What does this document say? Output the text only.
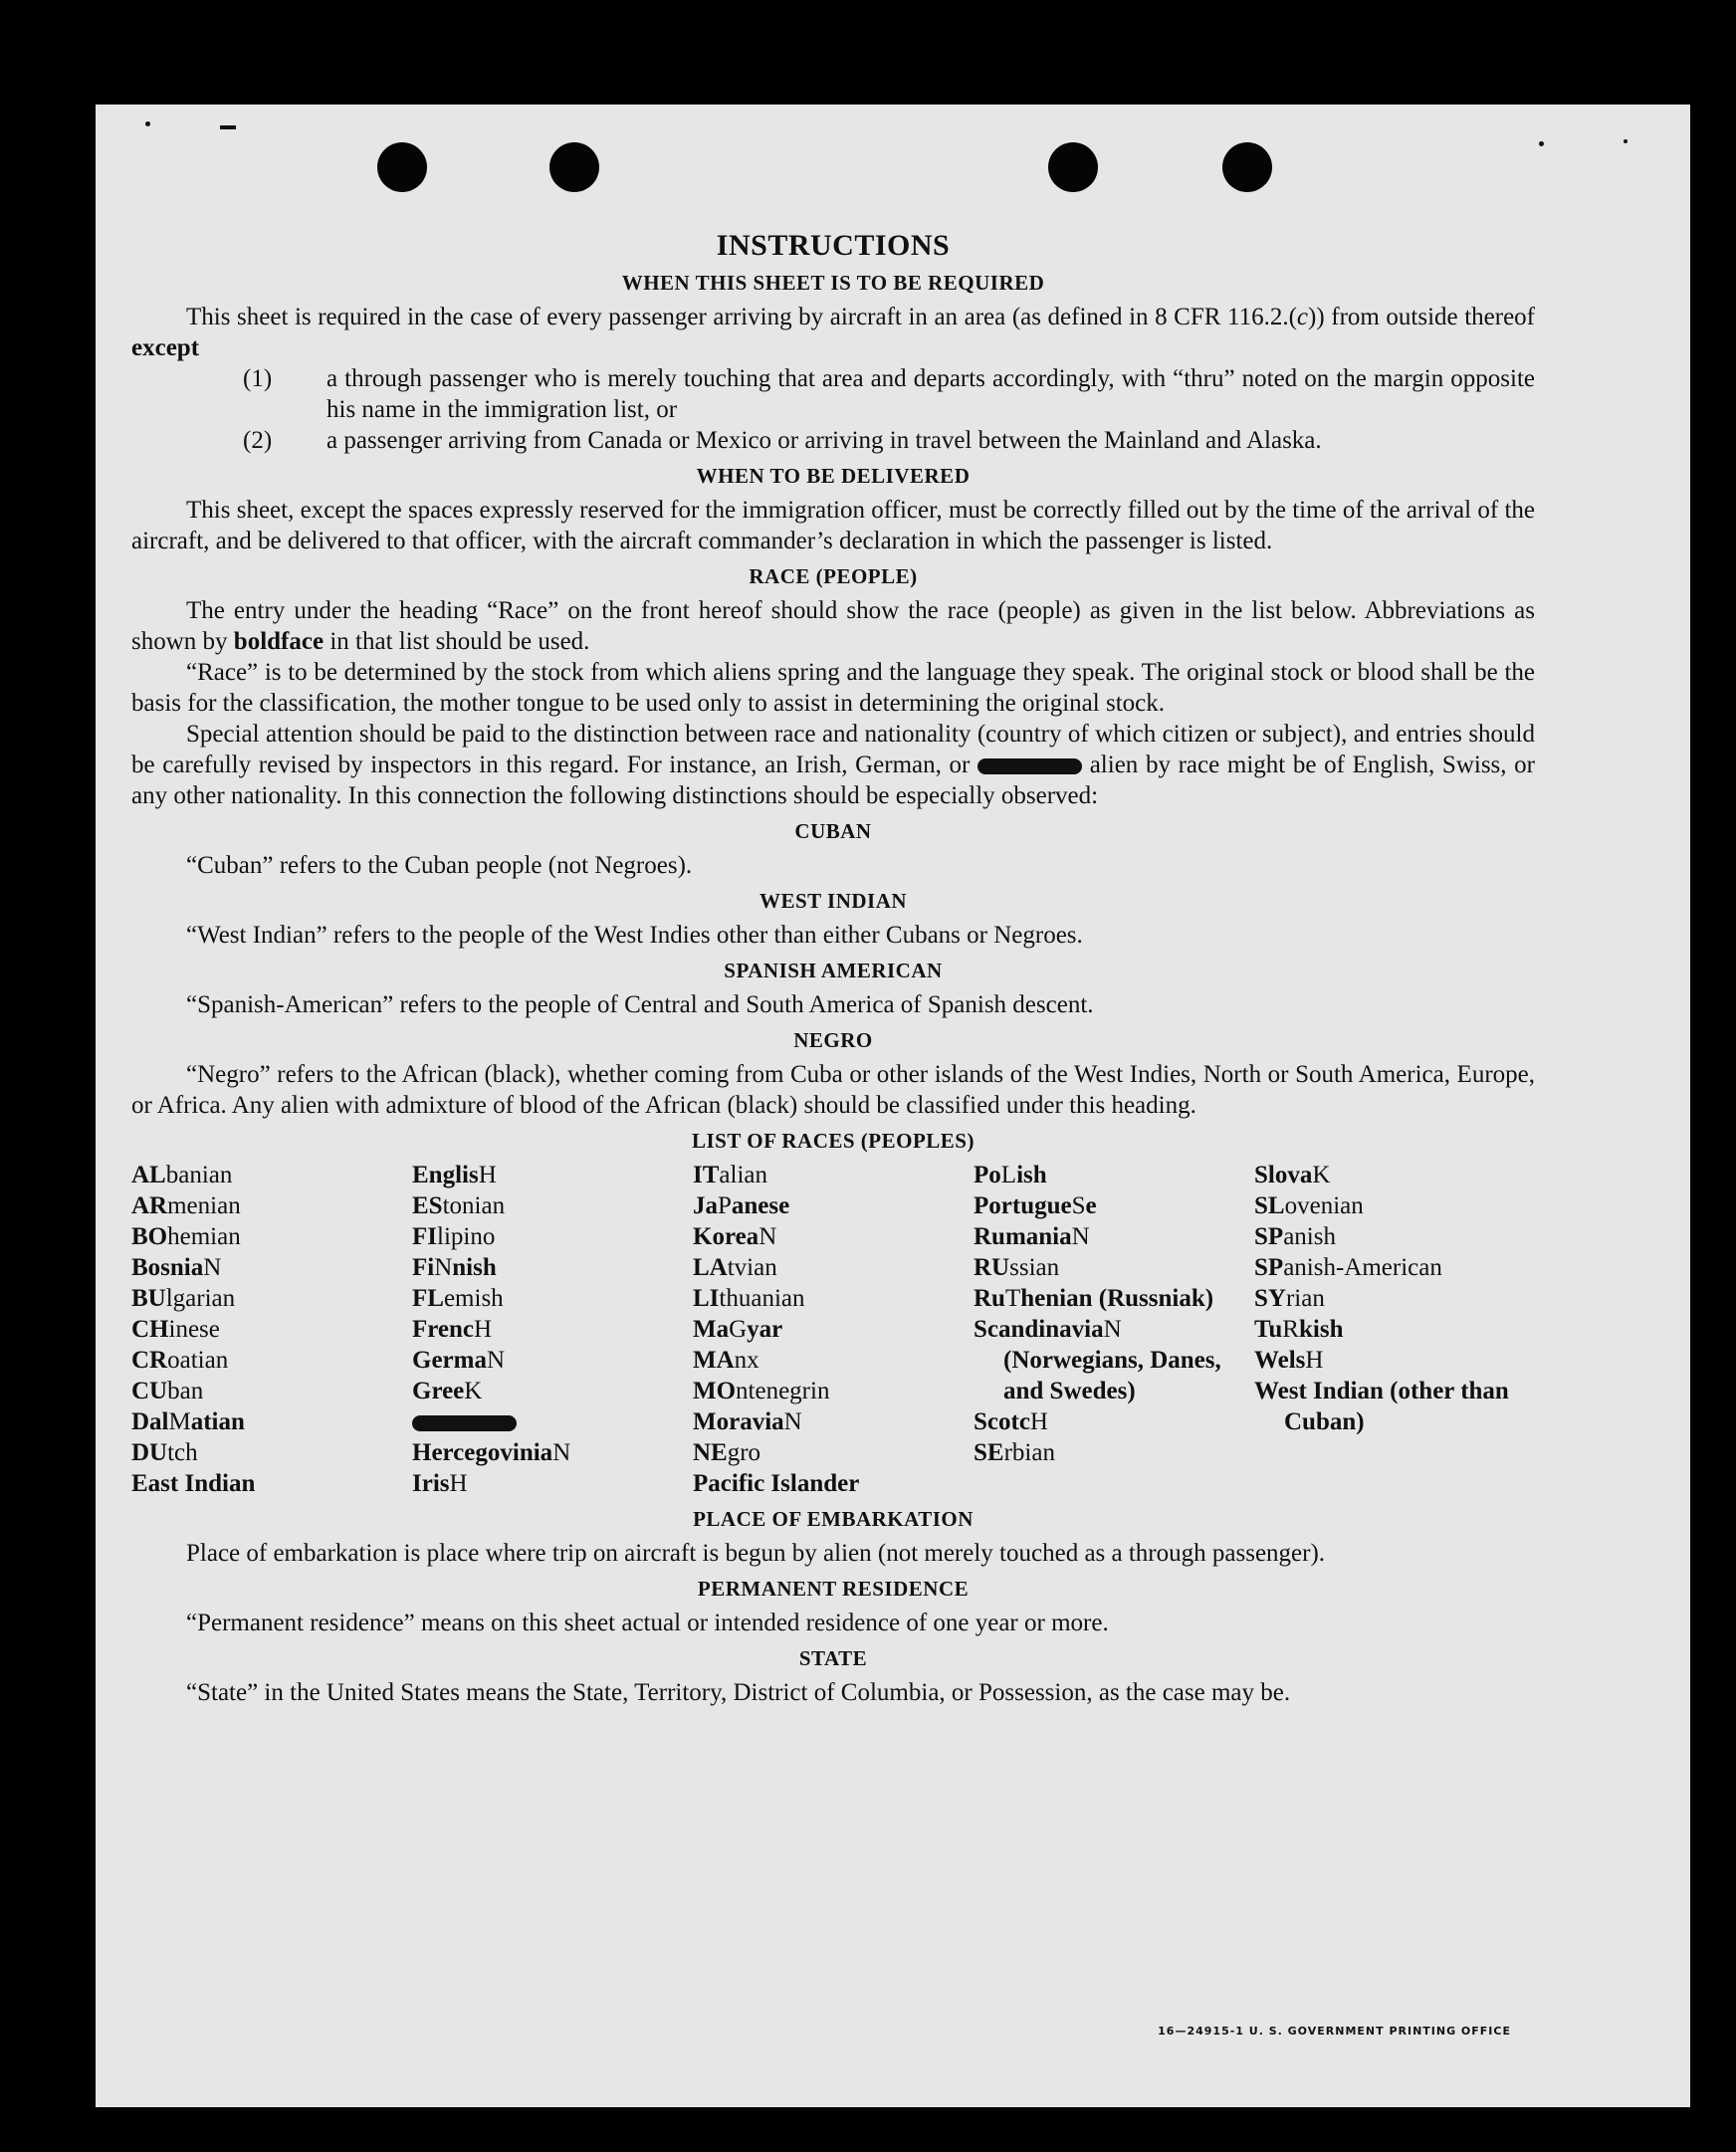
INSTRUCTIONS
WHEN THIS SHEET IS TO BE REQUIRED

This sheet is required in the case of every passenger arriving by aircraft in an area (as defined in 8 CFR 116.2.(c)) from outside thereof except

(1)	a through passenger who is merely touching that area and departs accordingly, with “thru” noted on the margin opposite his name in the immigration list, or
(2)	a passenger arriving from Canada or Mexico or arriving in travel between the Mainland and Alaska.
WHEN TO BE DELIVERED

This sheet, except the spaces expressly reserved for the immigration officer, must be correctly filled out by the time of the arrival of the aircraft, and be delivered to that officer, with the aircraft commander’s declaration in which the passenger is listed.

RACE (PEOPLE)

The entry under the heading “Race” on the front hereof should show the race (people) as given in the list below. Abbreviations as shown by boldface in that list should be used.

“Race” is to be determined by the stock from which aliens spring and the language they speak. The original stock or blood shall be the basis for the classification, the mother tongue to be used only to assist in determining the original stock.

Special attention should be paid to the distinction between race and nationality (country of which citizen or subject), and entries should be carefully revised by inspectors in this regard. For instance, an Irish, German, or	alien by race might be of English, Swiss, or any other nationality. In this connection the following distinctions should be especially observed:

CUBAN

“Cuban” refers to the Cuban people (not Negroes).

WEST INDIAN

“West Indian” refers to the people of the West Indies other than either Cubans or Negroes.

SPANISH AMERICAN

“Spanish-American” refers to the people of Central and South America of Spanish descent.

NEGRO

“Negro” refers to the African (black), whether coming from Cuba or other islands of the West Indies, North or South America, Europe, or Africa. Any alien with admixture of blood of the African (black) should be classified under this heading.

LIST OF RACES (PEOPLES)
ALbanian
ARmenian
BOhemian
BosniaN
BUlgarian
CHinese
CRoatian
CUban
DalMatian
DUtch
East Indian
EnglisH
EStonian
FIlipino
FiNnish
FLemish
FrencH
GermaN
GreeK
HercegoviniaN
IrisH
ITalian
JaPanese
KoreaN
LAtvian
LIthuanian
MaGyar
MAnx
MOntenegrin
MoraviaN
NEgro
Pacific Islander
PoLish
PortugueSe
RumaniaN
RUssian
RuThenian (Russniak)
ScandinaviaN (Norwegians, Danes, and Swedes)
ScotcH
SErbian
SlovaK
SLovenian
SPanish
SPanish-American
SYrian
TuRkish
WelsH
West Indian (other than Cuban)
PLACE OF EMBARKATION

Place of embarkation is place where trip on aircraft is begun by alien (not merely touched as a through passenger).

PERMANENT RESIDENCE

“Permanent residence” means on this sheet actual or intended residence of one year or more.

STATE

“State” in the United States means the State, Territory, District of Columbia, or Possession, as the case may be.

16—24915-1 U. S. GOVERNMENT PRINTING OFFICE
